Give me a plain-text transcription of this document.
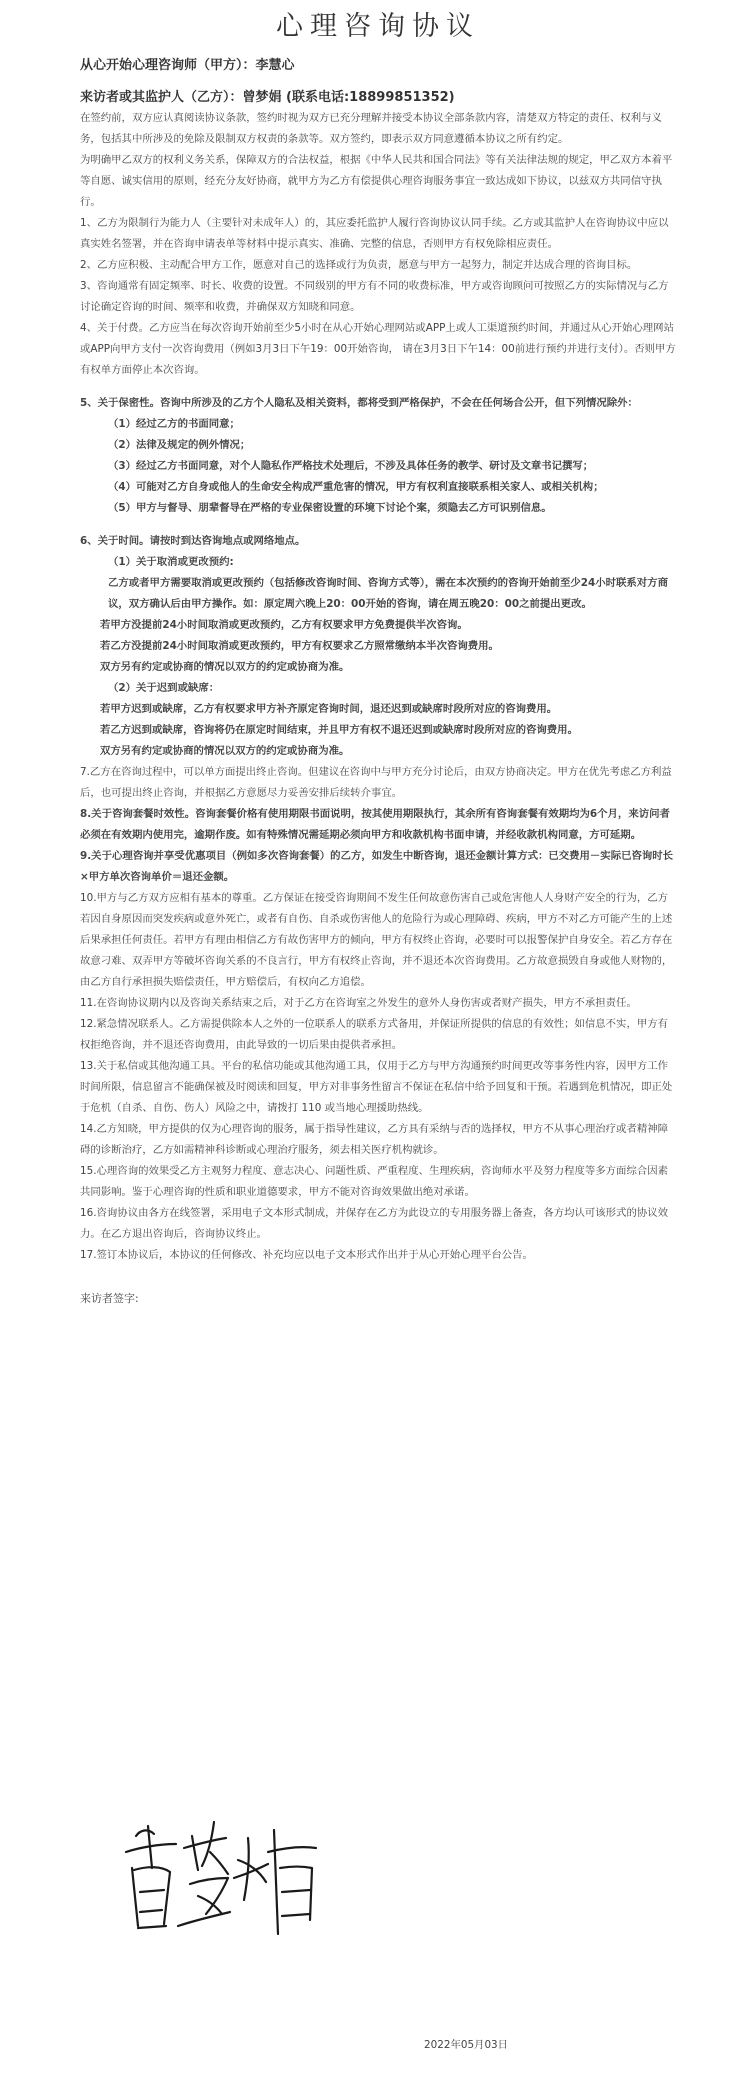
心理咨询协议
从心开始心理咨询师（甲方）：李慧心
来访者或其监护人（乙方）：曾梦娟 (联系电话:18899851352)

在签约前，双方应认真阅读协议条款，签约时视为双方已充分理解并接受本协议全部条款内容，清楚双方特定的责任、权利与义务，包括其中所涉及的免除及限制双方权责的条款等。双方签约，即表示双方同意遵循本协议之所有约定。

为明确甲乙双方的权利义务关系，保障双方的合法权益，根据《中华人民共和国合同法》等有关法律法规的规定，甲乙双方本着平等自愿、诚实信用的原则，经充分友好协商，就甲方为乙方有偿提供心理咨询服务事宜一致达成如下协议，以兹双方共同信守执行。

1、乙方为限制行为能力人（主要针对未成年人）的，其应委托监护人履行咨询协议认同手续。乙方或其监护人在咨询协议中应以真实姓名签署，并在咨询申请表单等材料中提示真实、准确、完整的信息，否则甲方有权免除相应责任。

2、乙方应积极、主动配合甲方工作，愿意对自己的选择或行为负责，愿意与甲方一起努力，制定并达成合理的咨询目标。

3、咨询通常有固定频率、时长、收费的设置。不同级别的甲方有不同的收费标准，甲方或咨询顾问可按照乙方的实际情况与乙方讨论确定咨询的时间、频率和收费，并确保双方知晓和同意。

4、关于付费。乙方应当在每次咨询开始前至少5小时在从心开始心理网站或APP上或人工渠道预约时间，并通过从心开始心理网站或APP向甲方支付一次咨询费用（例如3月3日下午19：00开始咨询， 请在3月3日下午14：00前进行预约并进行支付）。否则甲方有权单方面停止本次咨询。

5、关于保密性。咨询中所涉及的乙方个人隐私及相关资料，都将受到严格保护，不会在任何场合公开，但下列情况除外：

（1）经过乙方的书面同意；

（2）法律及规定的例外情况；

（3）经过乙方书面同意，对个人隐私作严格技术处理后，不涉及具体任务的教学、研讨及文章书记撰写；

（4）可能对乙方自身或他人的生命安全构成严重危害的情况，甲方有权利直接联系相关家人、或相关机构；

（5）甲方与督导、朋辈督导在严格的专业保密设置的环境下讨论个案，须隐去乙方可识别信息。

6、关于时间。请按时到达咨询地点或网络地点。

（1）关于取消或更改预约:

乙方或者甲方需要取消或更改预约（包括修改咨询时间、咨询方式等），需在本次预约的咨询开始前至少24小时联系对方商议，双方确认后由甲方操作。如：原定周六晚上20：00开始的咨询，请在周五晚20：00之前提出更改。

若甲方没提前24小时间取消或更改预约，乙方有权要求甲方免费提供半次咨询。

若乙方没提前24小时间取消或更改预约，甲方有权要求乙方照常缴纳本半次咨询费用。

双方另有约定或协商的情况以双方的约定或协商为准。

（2）关于迟到或缺席：

若甲方迟到或缺席，乙方有权要求甲方补齐原定咨询时间，退还迟到或缺席时段所对应的咨询费用。

若乙方迟到或缺席，咨询将仍在原定时间结束，并且甲方有权不退还迟到或缺席时段所对应的咨询费用。

双方另有约定或协商的情况以双方的约定或协商为准。

7.乙方在咨询过程中，可以单方面提出终止咨询。但建议在咨询中与甲方充分讨论后，由双方协商决定。甲方在优先考虑乙方利益后，也可提出终止咨询，并根据乙方意愿尽力妥善安排后续转介事宜。

8.关于咨询套餐时效性。咨询套餐价格有使用期限书面说明，按其使用期限执行，其余所有咨询套餐有效期均为6个月，来访问者必须在有效期内使用完，逾期作废。如有特殊情况需延期必须向甲方和收款机构书面申请，并经收款机构同意，方可延期。

9.关于心理咨询并享受优惠项目（例如多次咨询套餐）的乙方，如发生中断咨询，退还金额计算方式：已交费用－实际已咨询时长×甲方单次咨询单价＝退还金额。

10.甲方与乙方双方应相有基本的尊重。乙方保证在接受咨询期间不发生任何故意伤害自己或危害他人人身财产安全的行为，乙方若因自身原因而突发疾病或意外死亡，或者有自伤、自杀或伤害他人的危险行为或心理障碍、疾病，甲方不对乙方可能产生的上述后果承担任何责任。若甲方有理由相信乙方有故伤害甲方的倾向，甲方有权终止咨询，必要时可以报警保护自身安全。若乙方存在故意刁难、双弄甲方等破坏咨询关系的不良言行，甲方有权终止咨询，并不退还本次咨询费用。乙方故意损毁自身或他人财物的，由乙方自行承担损失赔偿责任，甲方赔偿后，有权向乙方追偿。

11.在咨询协议期内以及咨询关系结束之后，对于乙方在咨询室之外发生的意外人身伤害或者财产损失，甲方不承担责任。

12.紧急情况联系人。乙方需提供除本人之外的一位联系人的联系方式备用，并保证所提供的信息的有效性；如信息不实，甲方有权拒绝咨询，并不退还咨询费用，由此导致的一切后果由提供者承担。

13.关于私信或其他沟通工具。平台的私信功能或其他沟通工具，仅用于乙方与甲方沟通预约时间更改等事务性内容，因甲方工作时间所限，信息留言不能确保被及时阅读和回复，甲方对非事务性留言不保证在私信中给予回复和干预。若遇到危机情况，即正处于危机（自杀、自伤、伤人）风险之中，请拨打 110 或当地心理援助热线。

14.乙方知晓，甲方提供的仅为心理咨询的服务，属于指导性建议，乙方具有采纳与否的选择权，甲方不从事心理治疗或者精神障碍的诊断治疗，乙方如需精神科诊断或心理治疗服务，须去相关医疗机构就诊。

15.心理咨询的效果受乙方主观努力程度、意志决心、问题性质、严重程度、生理疾病，咨询师水平及努力程度等多方面综合因素共同影响。鉴于心理咨询的性质和职业道德要求，甲方不能对咨询效果做出绝对承诺。

16.咨询协议由各方在线签署，采用电子文本形式制成，并保存在乙方为此设立的专用服务器上备查，各方均认可该形式的协议效力。在乙方退出咨询后，咨询协议终止。

17.签订本协议后，本协议的任何修改、补充均应以电子文本形式作出并于从心开始心理平台公告。

来访者签字:
2022年05月03日
